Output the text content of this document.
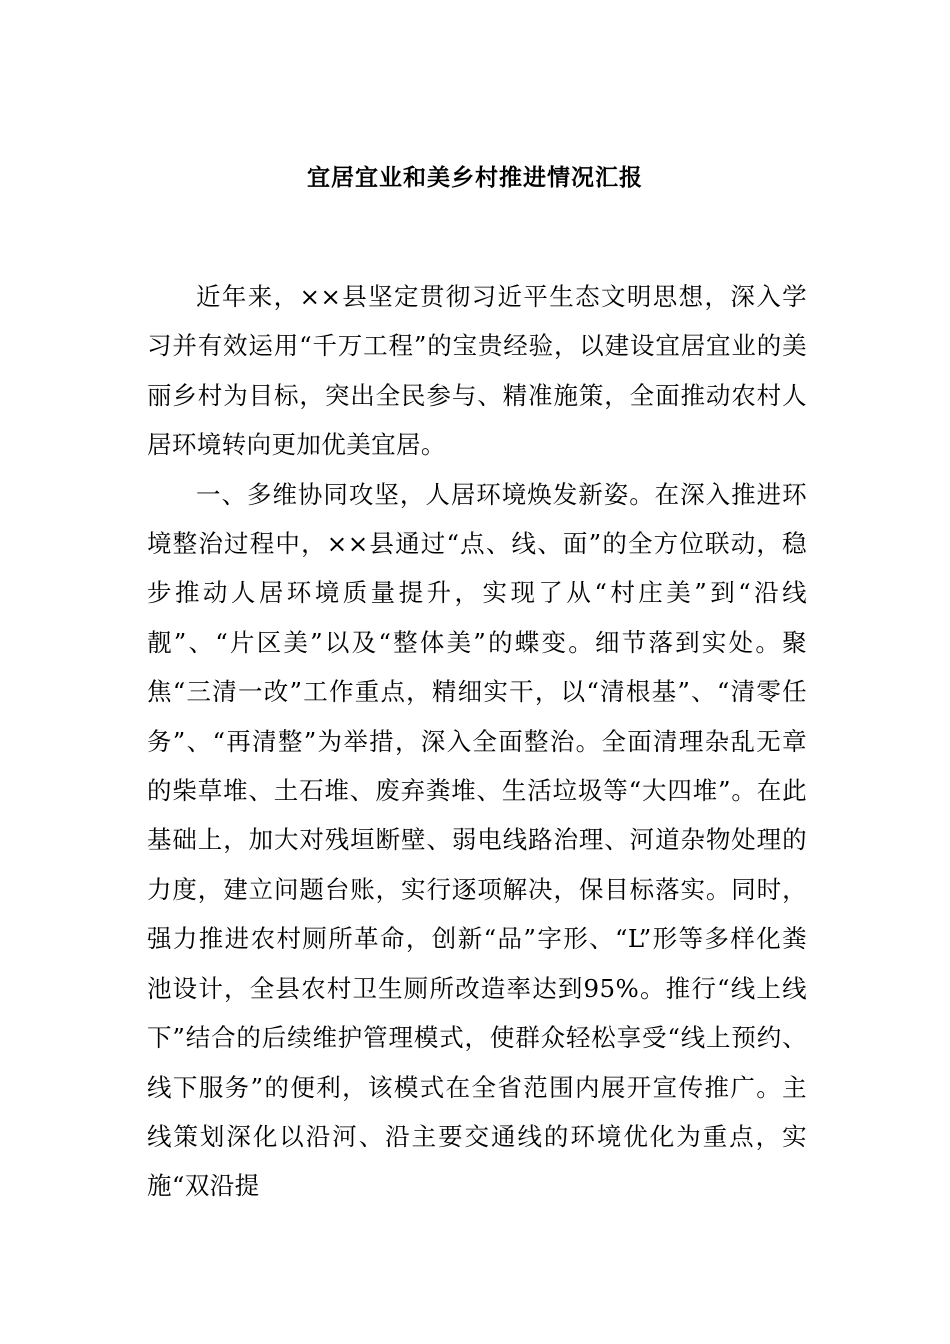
宜居宜业和美乡村推进情况汇报

近年来，××县坚定贯彻习近平生态文明思想，深入学习并有效运用“千万工程”的宝贵经验，以建设宜居宜业的美丽乡村为目标，突出全民参与、精准施策，全面推动农村人居环境转向更加优美宜居。

一、多维协同攻坚，人居环境焕发新姿。在深入推进环境整治过程中，××县通过“点、线、面”的全方位联动，稳步推动人居环境质量提升，实现了从“村庄美”到“沿线靓”、“片区美”以及“整体美”的蝶变。细节落到实处。聚焦“三清一改”工作重点，精细实干，以“清根基”、“清零任务”、“再清整”为举措，深入全面整治。全面清理杂乱无章的柴草堆、土石堆、废弃粪堆、生活垃圾等“大四堆”。在此基础上，加大对残垣断壁、弱电线路治理、河道杂物处理的力度，建立问题台账，实行逐项解决，保目标落实。同时，强力推进农村厕所革命，创新“品”字形、“L”形等多样化粪池设计，全县农村卫生厕所改造率达到95%。推行“线上线下”结合的后续维护管理模式，使群众轻松享受“线上预约、线下服务”的便利，该模式在全省范围内展开宣传推广。主线策划深化以沿河、沿主要交通线的环境优化为重点，实施“双沿提
